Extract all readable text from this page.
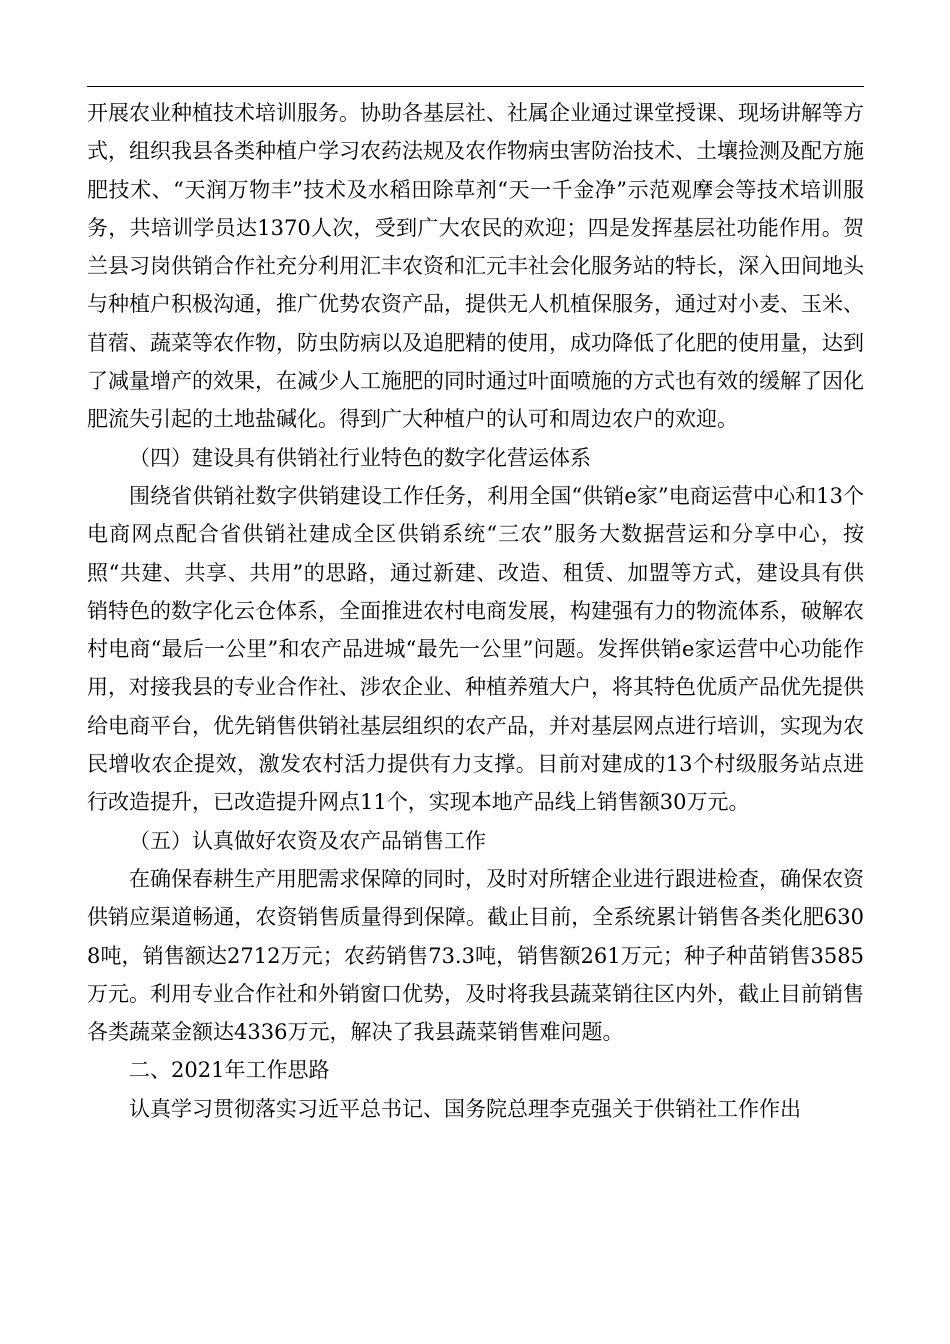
开展农业种植技术培训服务。协助各基层社、社属企业通过课堂授课、现场讲解等方式，组织我县各类种植户学习农药法规及农作物病虫害防治技术、土壤捡测及配方施肥技术、“天润万物丰”技术及水稻田除草剂“天一千金净”示范观摩会等技术培训服务，共培训学员达1370人次，受到广大农民的欢迎；四是发挥基层社功能作用。贺兰县习岗供销合作社充分利用汇丰农资和汇元丰社会化服务站的特长，深入田间地头与种植户积极沟通，推广优势农资产品，提供无人机植保服务，通过对小麦、玉米、苜蓿、蔬菜等农作物，防虫防病以及追肥精的使用，成功降低了化肥的使用量，达到了减量增产的效果，在减少人工施肥的同时通过叶面喷施的方式也有效的缓解了因化肥流失引起的土地盐碱化。得到广大种植户的认可和周边农户的欢迎。

（四）建设具有供销社行业特色的数字化营运体系

围绕省供销社数字供销建设工作任务，利用全国“供销e家”电商运营中心和13个电商网点配合省供销社建成全区供销系统“三农”服务大数据营运和分享中心，按照“共建、共享、共用”的思路，通过新建、改造、租赁、加盟等方式，建设具有供销特色的数字化云仓体系，全面推进农村电商发展，构建强有力的物流体系，破解农村电商“最后一公里”和农产品进城“最先一公里”问题。发挥供销e家运营中心功能作用，对接我县的专业合作社、涉农企业、种植养殖大户，将其特色优质产品优先提供给电商平台，优先销售供销社基层组织的农产品，并对基层网点进行培训，实现为农民增收农企提效，激发农村活力提供有力支撑。目前对建成的13个村级服务站点进行改造提升，已改造提升网点11个，实现本地产品线上销售额30万元。

（五）认真做好农资及农产品销售工作

在确保春耕生产用肥需求保障的同时，及时对所辖企业进行跟进检查，确保农资供销应渠道畅通，农资销售质量得到保障。截止目前，全系统累计销售各类化肥6308吨，销售额达2712万元；农药销售73.3吨，销售额261万元；种子种苗销售3585万元。利用专业合作社和外销窗口优势，及时将我县蔬菜销往区内外，截止目前销售各类蔬菜金额达4336万元，解决了我县蔬菜销售难问题。

二、2021年工作思路

认真学习贯彻落实习近平总书记、国务院总理李克强关于供销社工作作出
